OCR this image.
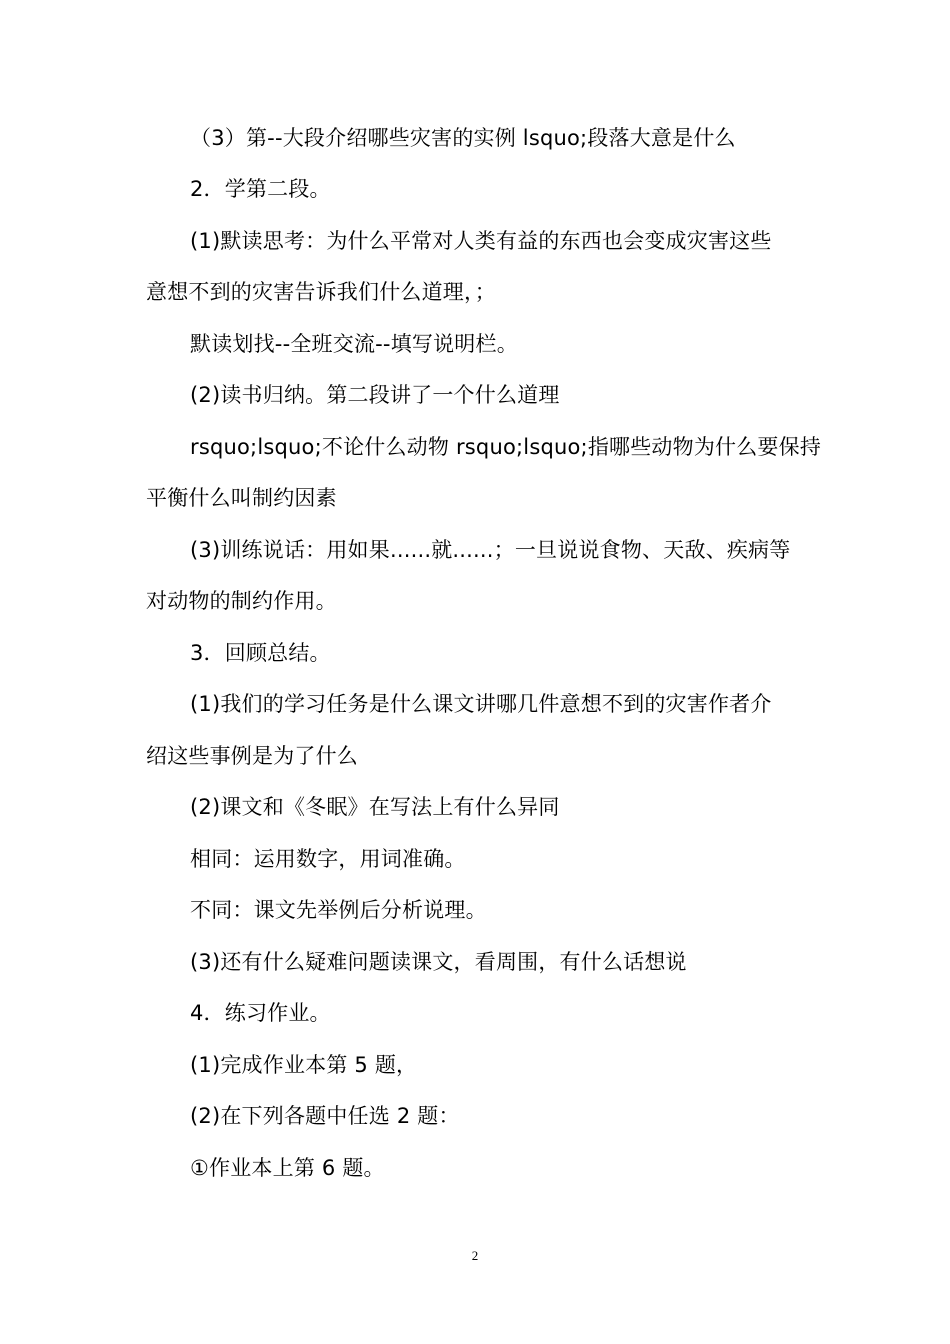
（3）第--大段介绍哪些灾害的实例 lsquo;段落大意是什么
2．学第二段。
(1)默读思考：为什么平常对人类有益的东西也会变成灾害这些
意想不到的灾害告诉我们什么道理，；
默读划找--全班交流--填写说明栏。
(2)读书归纳。第二段讲了一个什么道理
rsquo;lsquo;不论什么动物 rsquo;lsquo;指哪些动物为什么要保持
平衡什么叫制约因素
(3)训练说话：用如果......就......；一旦说说食物、天敌、疾病等
对动物的制约作用。
3．回顾总结。
(1)我们的学习任务是什么课文讲哪几件意想不到的灾害作者介
绍这些事例是为了什么
(2)课文和《冬眠》在写法上有什么异同
相同：运用数字，用词准确。
不同：课文先举例后分析说理。
(3)还有什么疑难问题读课文，看周围，有什么话想说
4．练习作业。
(1)完成作业本第 5 题，
(2)在下列各题中任选 2 题：
①作业本上第 6 题。
2
